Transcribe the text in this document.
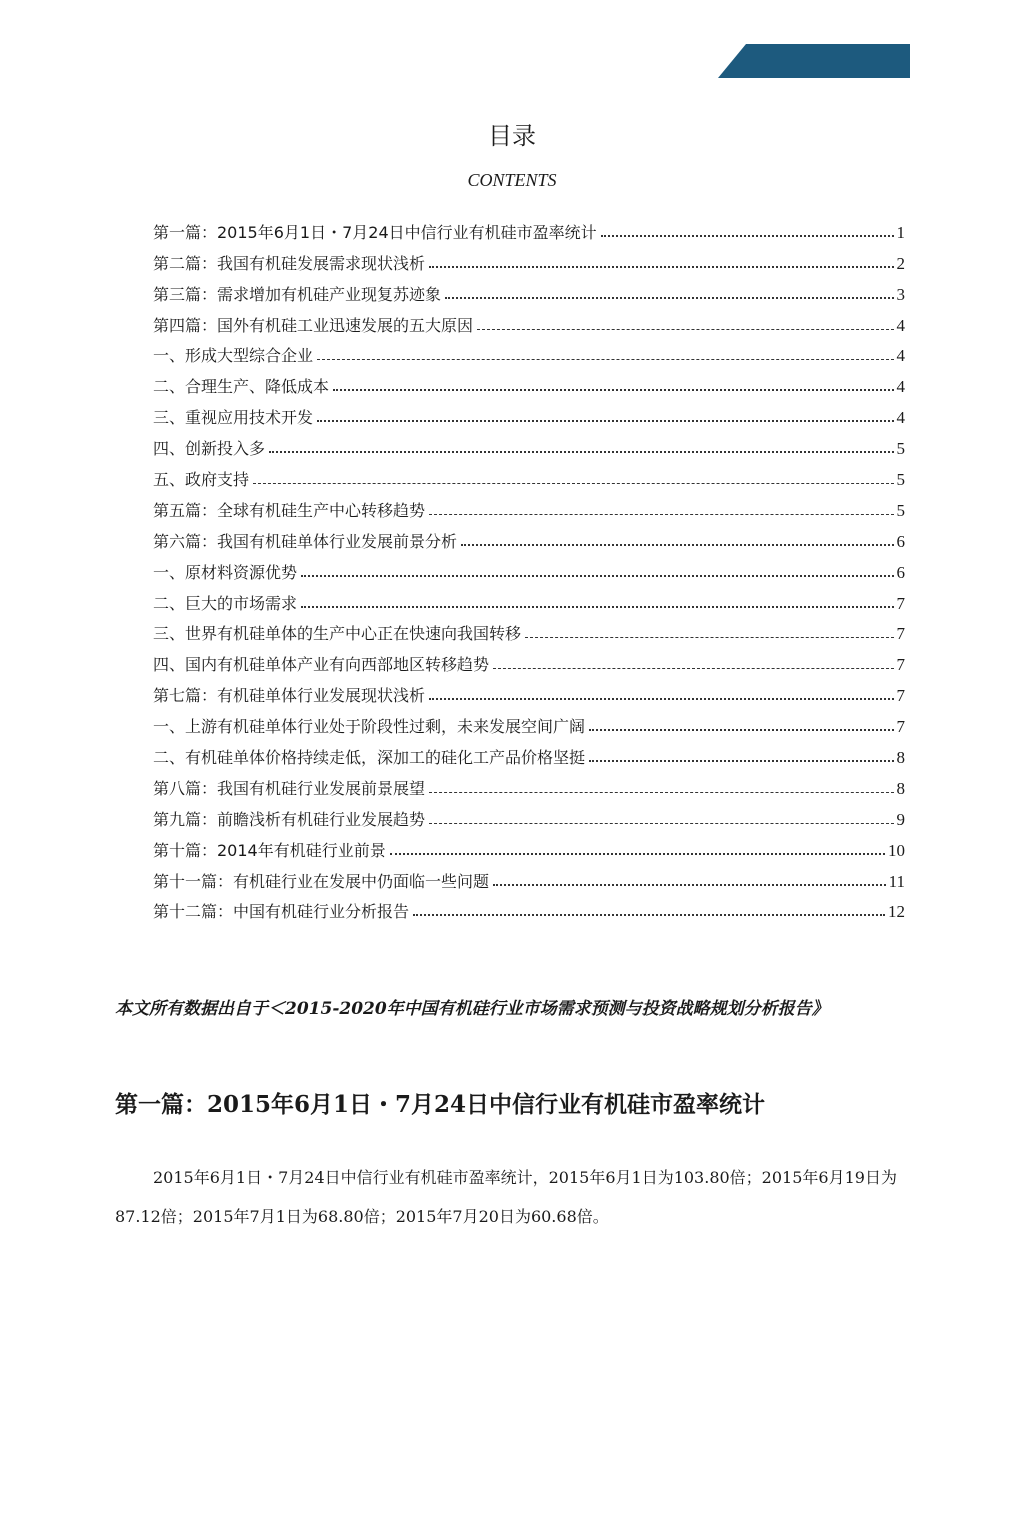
目录
CONTENTS
第一篇：2015年6月1日・7月24日中信行业有机硅市盈率统计	1
第二篇：我国有机硅发展需求现状浅析	2
第三篇：需求增加有机硅产业现复苏迹象	3
第四篇：国外有机硅工业迅速发展的五大原因	4
一、形成大型综合企业	4
二、合理生产、降低成本	4
三、重视应用技术开发	4
四、创新投入多	5
五、政府支持	5
第五篇：全球有机硅生产中心转移趋势	5
第六篇：我国有机硅单体行业发展前景分析	6
一、原材料资源优势	6
二、巨大的市场需求	7
三、世界有机硅单体的生产中心正在快速向我国转移	7
四、国内有机硅单体产业有向西部地区转移趋势	7
第七篇：有机硅单体行业发展现状浅析	7
一、上游有机硅单体行业处于阶段性过剩，未来发展空间广阔	7
二、有机硅单体价格持续走低，深加工的硅化工产品价格坚挺	8
第八篇：我国有机硅行业发展前景展望	8
第九篇：前瞻浅析有机硅行业发展趋势	9
第十篇：2014年有机硅行业前景	10
第十一篇：有机硅行业在发展中仍面临一些问题	11
第十二篇：中国有机硅行业分析报告	12
本文所有数据出自于＜2015-2020年中国有机硅行业市场需求预测与投资战略规划分析报告》
第一篇：2015年6月1日・7月24日中信行业有机硅市盈率统计
2015年6月1日・7月24日中信行业有机硅市盈率统计，2015年6月1日为103.80倍；2015年6月19日为87.12倍；2015年7月1日为68.80倍；2015年7月20日为60.68倍。
